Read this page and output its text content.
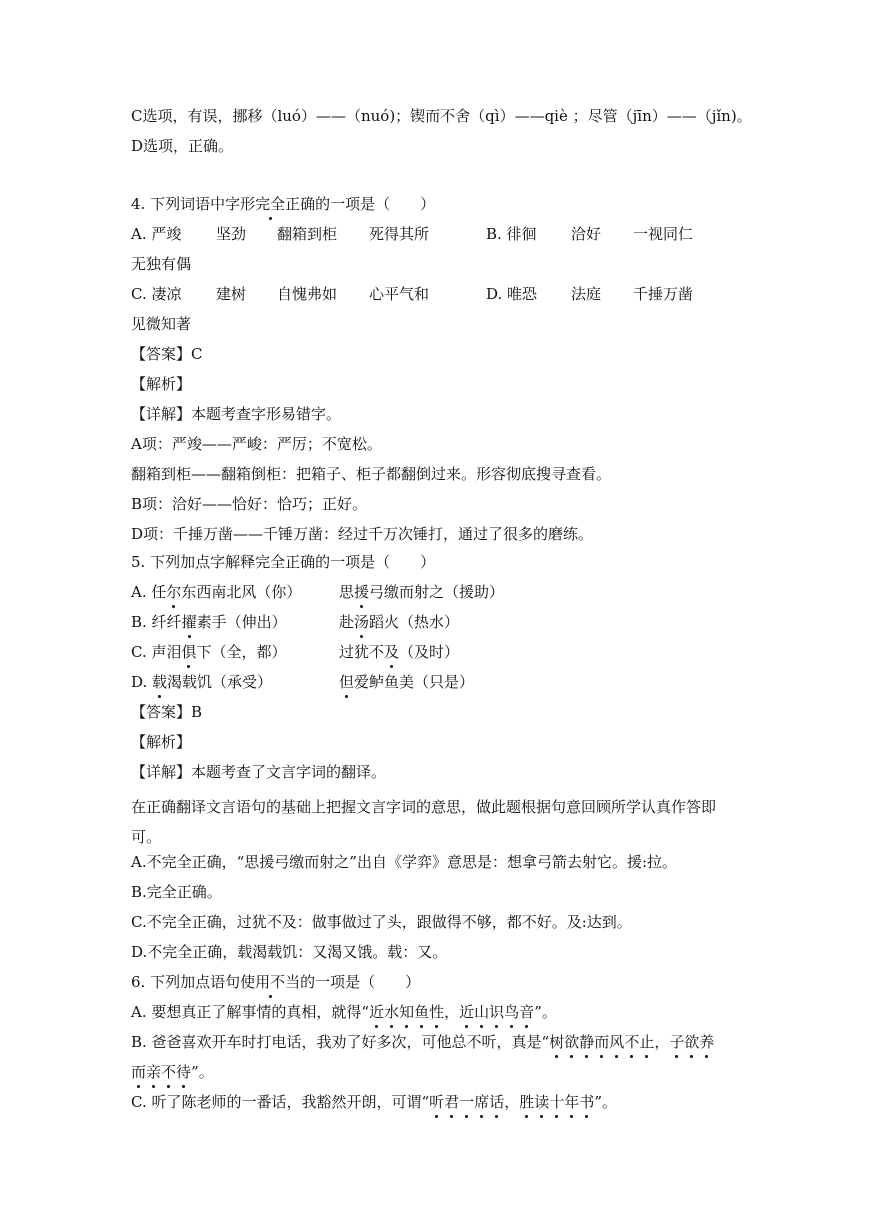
C选项，有误，挪移（luó）——（nuó)；锲而不舍（qì）——qiè ；尽管（jīn）——（jǐn)。
D选项，正确。
4. 下列词语中字形完全正确的一项是（　　）
A. 严竣 坚劲 翻箱到柜 死得其所	B. 徘徊 洽好 一视同仁
无独有偶
C. 凄凉 建树 自愧弗如 心平气和	D. 唯恐 法庭 千捶万凿
见微知著
【答案】C
【解析】
【详解】本题考查字形易错字。
A项：严竣——严峻：严厉；不宽松。
翻箱到柜——翻箱倒柜：把箱子、柜子都翻倒过来。形容彻底搜寻查看。
B项：洽好——恰好：恰巧；正好。
D项：千捶万凿——千锤万凿：经过千万次锤打，通过了很多的磨练。
5. 下列加点字解释完全正确的一项是（　　）
A. 任尔东西南北风（你）	思援弓缴而射之（援助）
B. 纤纤擢素手（伸出）	赴汤蹈火（热水）
C. 声泪俱下（全，都）	过犹不及（及时）
D. 载渴载饥（承受）	但爱鲈鱼美（只是）
【答案】B
【解析】
【详解】本题考查了文言字词的翻译。
在正确翻译文言语句的基础上把握文言字词的意思，做此题根据句意回顾所学认真作答即可。
A.不完全正确，“思援弓缴而射之”出自《学弈》意思是：想拿弓箭去射它。援:拉。
B.完全正确。
C.不完全正确，过犹不及：做事做过了头，跟做得不够，都不好。及:达到。
D.不完全正确，载渴载饥：又渴又饿。载：又。
6. 下列加点语句使用不当的一项是（　　）
A. 要想真正了解事情的真相，就得“近水知鱼性，近山识鸟音”。
B. 爸爸喜欢开车时打电话，我劝了好多次，可他总不听，真是“树欲静而风不止，子欲养
而亲不待”。
C. 听了陈老师的一番话，我豁然开朗，可谓“听君一席话，胜读十年书”。
